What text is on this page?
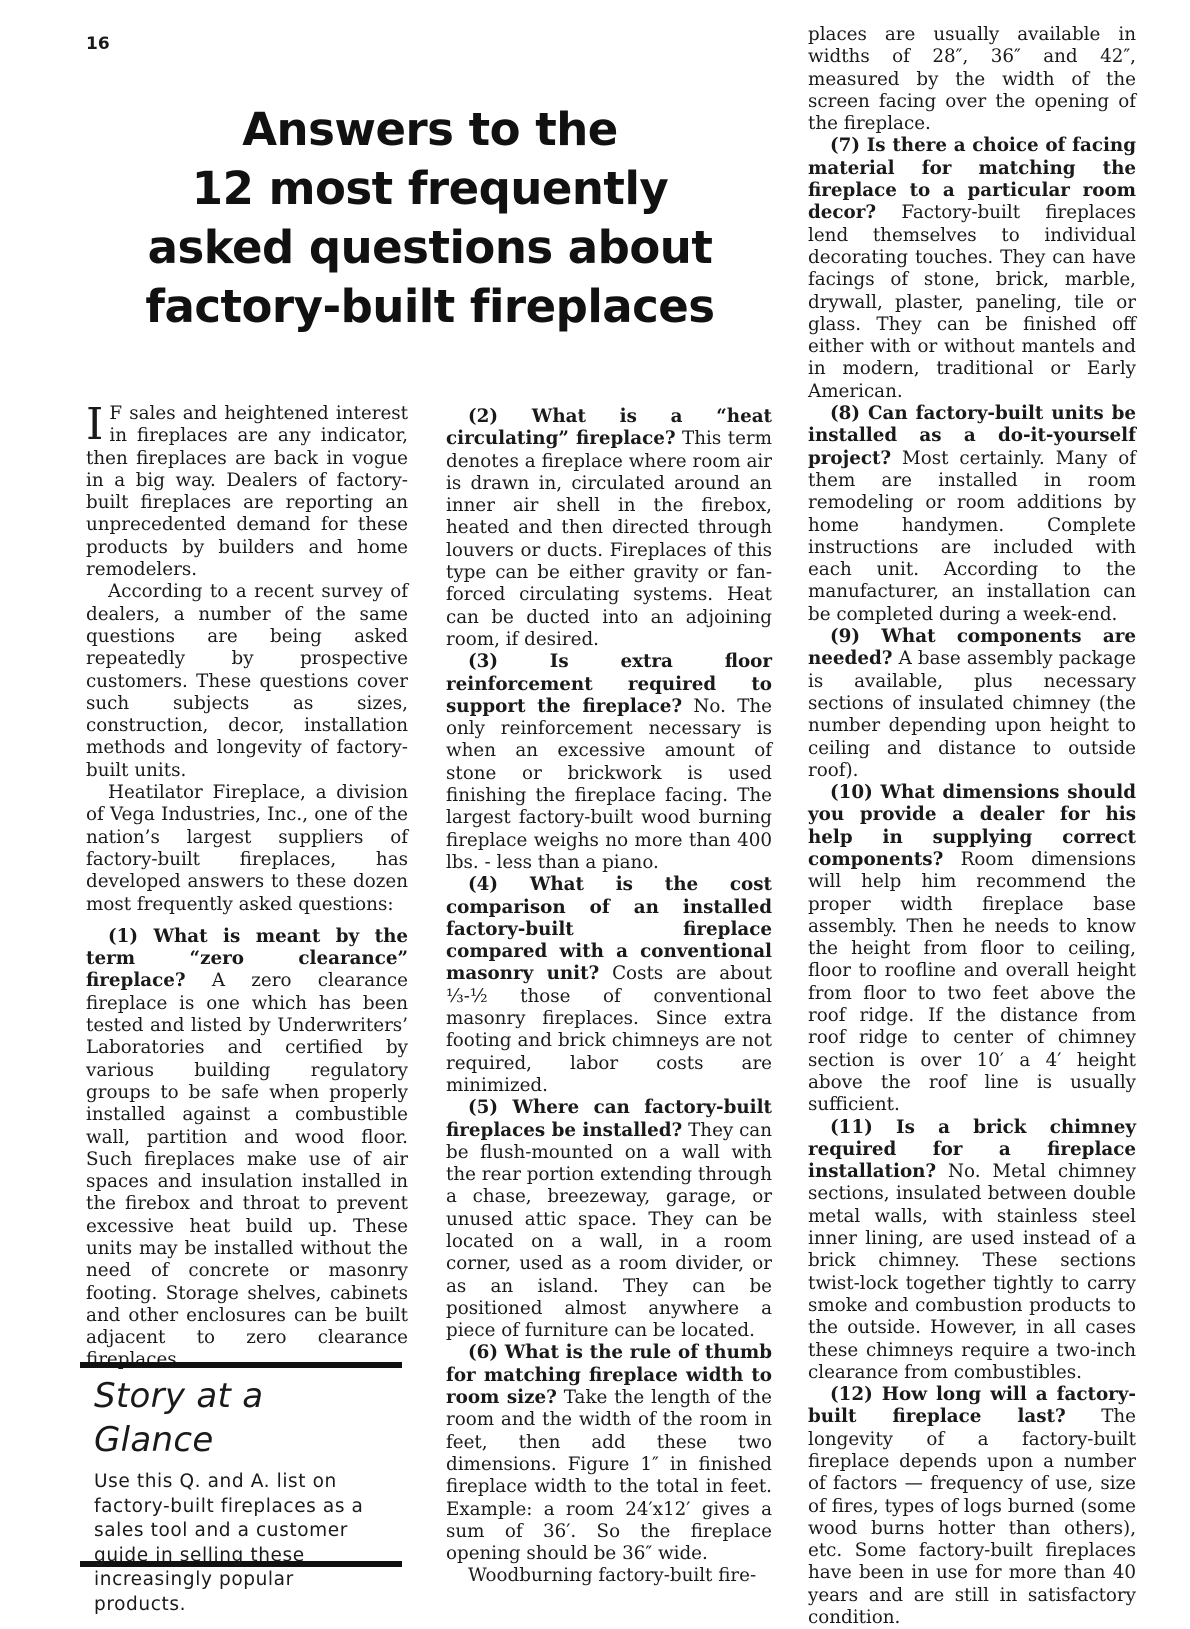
16
Answers to the
12 most frequently
asked questions about
factory-built fireplaces

I F sales and heightened interest in fireplaces are any indicator, then fireplaces are back in vogue in a big way. Dealers of factory-built fireplaces are reporting an unprecedented demand for these products by builders and home remodelers.

According to a recent survey of dealers, a number of the same questions are being asked repeatedly by prospective customers. These questions cover such subjects as sizes, construction, decor, installation methods and longevity of factory-built units.

Heatilator Fireplace, a division of Vega Industries, Inc., one of the nation’s largest suppliers of factory-built fireplaces, has developed answers to these dozen most frequently asked questions:

(1) What is meant by the term “zero clearance” fireplace? A zero clearance fireplace is one which has been tested and listed by Underwriters’ Laboratories and certified by various building regulatory groups to be safe when properly installed against a combustible wall, partition and wood floor. Such fireplaces make use of air spaces and insulation installed in the firebox and throat to prevent excessive heat build up. These units may be installed without the need of concrete or masonry footing. Storage shelves, cabinets and other enclosures can be built adjacent to zero clearance fireplaces.

Story at a Glance

Use this Q. and A. list on factory-built fireplaces as a sales tool and a customer guide in selling these increasingly popular products.

(2) What is a “heat circulating” fireplace? This term denotes a fireplace where room air is drawn in, circulated around an inner air shell in the firebox, heated and then directed through louvers or ducts. Fireplaces of this type can be either gravity or fan-forced circulating systems. Heat can be ducted into an adjoining room, if desired.

(3) Is extra floor reinforcement required to support the fireplace? No. The only reinforcement necessary is when an excessive amount of stone or brickwork is used finishing the fireplace facing. The largest factory-built wood burning fireplace weighs no more than 400 lbs. - less than a piano.

(4) What is the cost comparison of an installed factory-built fireplace compared with a conventional masonry unit? Costs are about ⅓-½ those of conventional masonry fireplaces. Since extra footing and brick chimneys are not required, labor costs are minimized.

(5) Where can factory-built fireplaces be installed? They can be flush-mounted on a wall with the rear portion extending through a chase, breezeway, garage, or unused attic space. They can be located on a wall, in a room corner, used as a room divider, or as an island. They can be positioned almost anywhere a piece of furniture can be located.

(6) What is the rule of thumb for matching fireplace width to room size? Take the length of the room and the width of the room in feet, then add these two dimensions. Figure 1″ in finished fireplace width to the total in feet. Example: a room 24′x12′ gives a sum of 36′. So the fireplace opening should be 36″ wide.

Woodburning factory-built fire-

places are usually available in widths of 28″, 36″ and 42″, measured by the width of the screen facing over the opening of the fireplace.

(7) Is there a choice of facing material for matching the fireplace to a particular room decor? Factory-built fireplaces lend themselves to individual decorating touches. They can have facings of stone, brick, marble, drywall, plaster, paneling, tile or glass. They can be finished off either with or without mantels and in modern, traditional or Early American.

(8) Can factory-built units be installed as a do-it-yourself project? Most certainly. Many of them are installed in room remodeling or room additions by home handymen. Complete instructions are included with each unit. According to the manufacturer, an installation can be completed during a week-end.

(9) What components are needed? A base assembly package is available, plus necessary sections of insulated chimney (the number depending upon height to ceiling and distance to outside roof).

(10) What dimensions should you provide a dealer for his help in supplying correct components? Room dimensions will help him recommend the proper width fireplace base assembly. Then he needs to know the height from floor to ceiling, floor to roofline and overall height from floor to two feet above the roof ridge. If the distance from roof ridge to center of chimney section is over 10′ a 4′ height above the roof line is usually sufficient.

(11) Is a brick chimney required for a fireplace installation? No. Metal chimney sections, insulated between double metal walls, with stainless steel inner lining, are used instead of a brick chimney. These sections twist-lock together tightly to carry smoke and combustion products to the outside. However, in all cases these chimneys require a two-inch clearance from combustibles.

(12) How long will a factory-built fireplace last? The longevity of a factory-built fireplace depends upon a number of factors — frequency of use, size of fires, types of logs burned (some wood burns hotter than others), etc. Some factory-built fireplaces have been in use for more than 40 years and are still in satisfactory condition.
